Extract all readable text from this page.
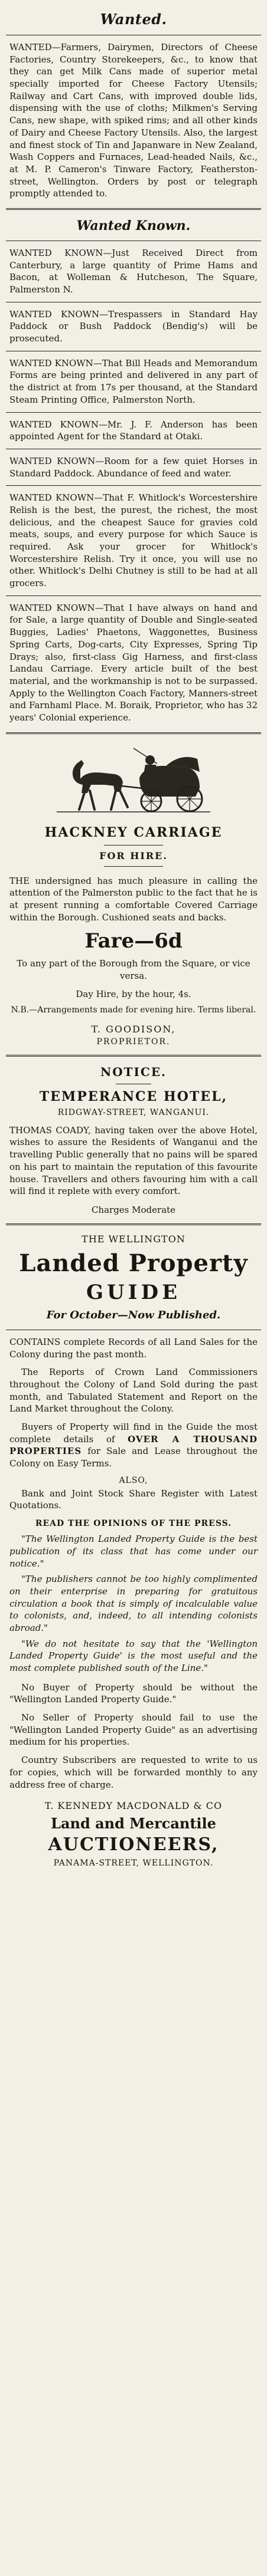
Wanted.
WANTED—Farmers, Dairymen, Directors of Cheese Factories, Country Storekeepers, &c., to know that they can get Milk Cans made of superior metal specially imported for Cheese Factory Utensils; Railway and Cart Cans, with improved double lids, dispensing with the use of cloths; Milkmen's Serving Cans, new shape, with spiked rims; and all other kinds of Dairy and Cheese Factory Utensils. Also, the largest and finest stock of Tin and Japanware in New Zealand, Wash Coppers and Furnaces, Lead-headed Nails, &c., at M. P. Cameron's Tinware Factory, Featherston-street, Wellington. Orders by post or telegraph promptly attended to.
Wanted Known.
WANTED KNOWN—Just Received Direct from Canterbury, a large quantity of Prime Hams and Bacon, at Wolleman & Hutcheson, The Square, Palmerston N.
WANTED KNOWN—Trespassers in Standard Hay Paddock or Bush Paddock (Bendig's) will be prosecuted.
WANTED KNOWN—That Bill Heads and Memorandum Forms are being printed and delivered in any part of the district at from 17s per thousand, at the Standard Steam Printing Office, Palmerston North.
WANTED KNOWN—Mr. J. F. Anderson has been appointed Agent for the Standard at Otaki.
WANTED KNOWN—Room for a few quiet Horses in Standard Paddock. Abundance of feed and water.
WANTED KNOWN—That F. Whitlock's Worcestershire Relish is the best, the purest, the richest, the most delicious, and the cheapest Sauce for gravies cold meats, soups, and every purpose for which Sauce is required. Ask your grocer for Whitlock's Worcestershire Relish. Try it once, you will use no other. Whitlock's Delhi Chutney is still to be had at all grocers.
WANTED KNOWN—That I have always on hand and for Sale, a large quantity of Double and Single-seated Buggies, Ladies' Phaetons, Waggonettes, Business Spring Carts, Dog-carts, City Expresses, Spring Tip Drays; also, first-class Gig Harness, and first-class Landau Carriage. Every article built of the best material, and the workmanship is not to be surpassed. Apply to the Wellington Coach Factory, Manners-street and Farnhaml Place. M. Boraik, Proprietor, who has 32 years' Colonial experience.
HACKNEY CARRIAGE
FOR HIRE.
THE undersigned has much pleasure in calling the attention of the Palmerston public to the fact that he is at present running a comfortable Covered Carriage within the Borough. Cushioned seats and backs.
Fare—6d
To any part of the Borough from the Square, or vice versa.
Day Hire, by the hour, 4s.
N.B.—Arrangements made for evening hire. Terms liberal.
T. GOODISON,
PROPRIETOR.
NOTICE.
TEMPERANCE HOTEL,
RIDGWAY-STREET, WANGANUI.
THOMAS COADY, having taken over the above Hotel, wishes to assure the Residents of Wanganui and the travelling Public generally that no pains will be spared on his part to maintain the reputation of this favourite house. Travellers and others favouring him with a call will find it replete with every comfort.
Charges Moderate
THE WELLINGTON
Landed Property
GUIDE
For October—Now Published.
CONTAINS complete Records of all Land Sales for the Colony during the past month.
The Reports of Crown Land Commissioners throughout the Colony of Land Sold during the past month, and Tabulated Statement and Report on the Land Market throughout the Colony.
Buyers of Property will find in the Guide the most complete details of OVER A THOUSAND PROPERTIES for Sale and Lease throughout the Colony on Easy Terms.
ALSO,
Bank and Joint Stock Share Register with Latest Quotations.
READ THE OPINIONS OF THE PRESS.
"The Wellington Landed Property Guide is the best publication of its class that has come under our notice."
"The publishers cannot be too highly complimented on their enterprise in preparing for gratuitous circulation a book that is simply of incalculable value to colonists, and, indeed, to all intending colonists abroad."
"We do not hesitate to say that the 'Wellington Landed Property Guide' is the most useful and the most complete published south of the Line."
No Buyer of Property should be without the "Wellington Landed Property Guide."
No Seller of Property should fail to use the "Wellington Landed Property Guide" as an advertising medium for his properties.
Country Subscribers are requested to write to us for copies, which will be forwarded monthly to any address free of charge.
T. KENNEDY MACDONALD & CO
Land and Mercantile
AUCTIONEERS,
PANAMA-STREET, WELLINGTON.
